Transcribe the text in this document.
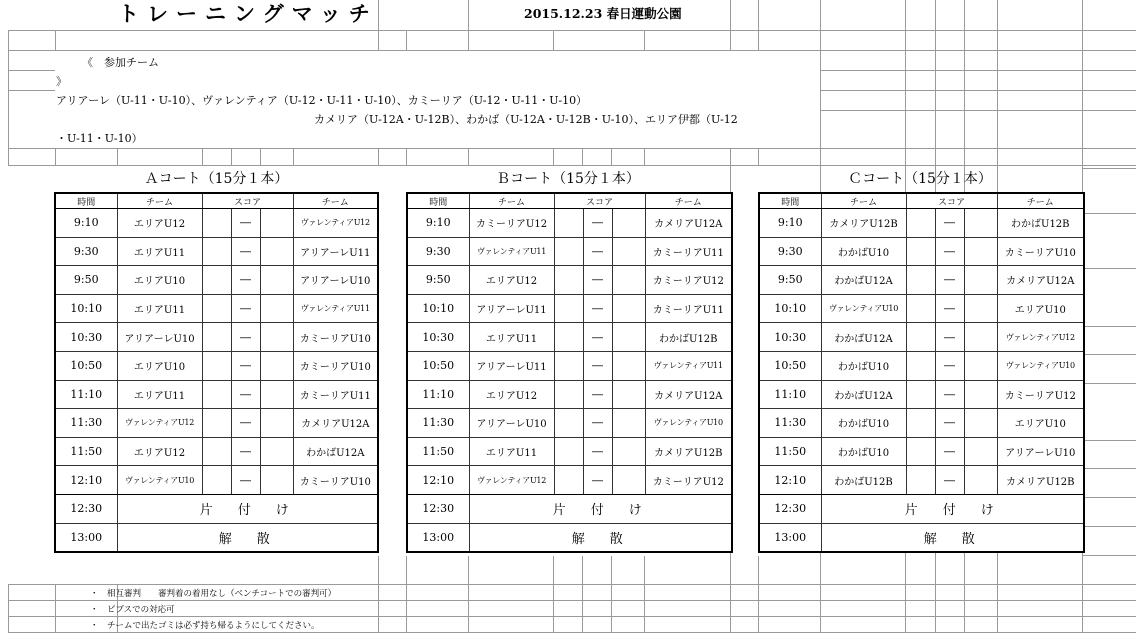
トレーニングマッチ	2015.12.23 春日運動公園
《　参加チーム
》
アリアーレ（U-11・U-10）、ヴァレンティア（U-12・U-11・U-10）、カミーリア（U-12・U-11・U-10）
カメリア（U-12A・U-12B）、わかば（U-12A・U-12B・U-10）、エリア伊都（U-12
・U-11・U-10）
Ａコート（15分１本）
時間	チーム	スコア			チーム
9:10	エリアU12		―		ヴァレンティアU12
9:30	エリアU11		―		アリアーレU11
9:50	エリアU10		―		アリアーレU10
10:10	エリアU11		―		ヴァレンティアU11
10:30	アリアーレU10		―		カミーリアU10
10:50	エリアU10		―		カミーリアU10
11:10	エリアU11		―		カミーリアU11
11:30	ヴァレンティアU12		―		カメリアU12A
11:50	エリアU12		―		わかばU12A
12:10	ヴァレンティアU10		―		カミーリアU10
12:30	片　付　け				
13:00	解　散				
Ｂコート（15分１本）
時間	チーム	スコア			チーム
9:10	カミーリアU12		―		カメリアU12A
9:30	ヴァレンティアU11		―		カミーリアU11
9:50	エリアU12		―		カミーリアU12
10:10	アリアーレU11		―		カミーリアU11
10:30	エリアU11		―		わかばU12B
10:50	アリアーレU11		―		ヴァレンティアU11
11:10	エリアU12		―		カメリアU12A
11:30	アリアーレU10		―		ヴァレンティアU10
11:50	エリアU11		―		カメリアU12B
12:10	ヴァレンティアU12		―		カミーリアU12
12:30	片　付　け				
13:00	解　散				
Ｃコート（15分１本）
時間	チーム	スコア			チーム
9:10	カメリアU12B		―		わかばU12B
9:30	わかばU10		―		カミーリアU10
9:50	わかばU12A		―		カメリアU12A
10:10	ヴァレンティアU10		―		エリアU10
10:30	わかばU12A		―		ヴァレンティアU12
10:50	わかばU10		―		ヴァレンティアU10
11:10	わかばU12A		―		カミーリアU12
11:30	わかばU10		―		エリアU10
11:50	わかばU10		―		アリアーレU10
12:10	わかばU12B		―		カメリアU12B
12:30	片　付　け				
13:00	解　散				
・　相互審判　　審判着の着用なし（ベンチコートでの審判可）
・　ビブスでの対応可
・　チームで出たゴミは必ず持ち帰るようにしてください。
